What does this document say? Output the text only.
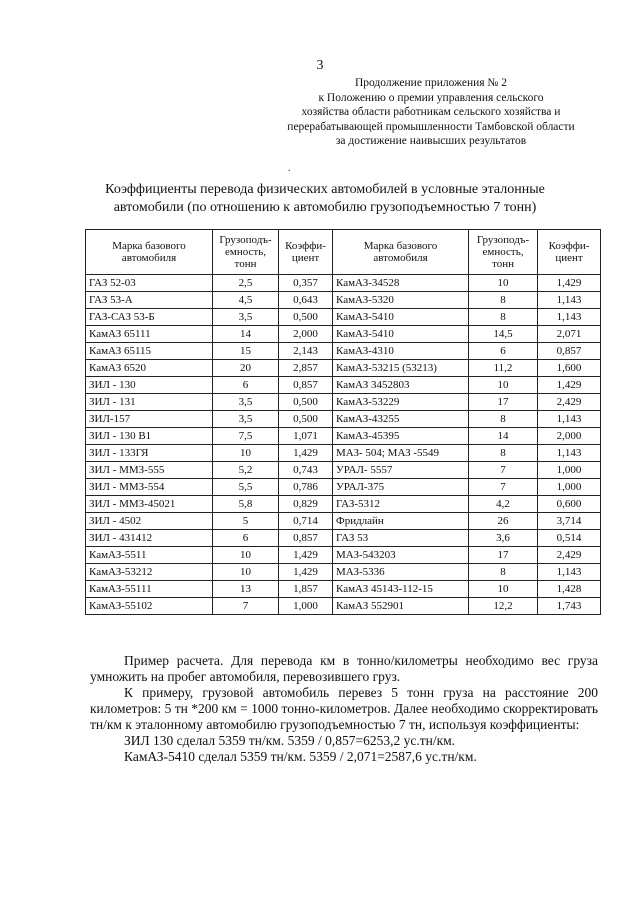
3
Продолжение приложения № 2
к Положению о премии управления сельского
хозяйства области работникам сельского хозяйства и
перерабатывающей промышленности Тамбовской области
за достижение наивысших результатов
.
Коэффициенты перевода физических автомобилей в условные эталонные
автомобили (по отношению к автомобилю грузоподъемностью 7 тонн)
Марка базового автомобиля	Грузоподъ- емность, тонн	Коэффи- циент	Марка базового автомобиля	Грузоподъ- емность, тонн	Коэффи- циент
ГАЗ 52-03	2,5	0,357	КамАЗ-34528	10	1,429
ГАЗ 53-А	4,5	0,643	КамАЗ-5320	8	1,143
ГАЗ-САЗ 53-Б	3,5	0,500	КамАЗ-5410	8	1,143
КамАЗ 65111	14	2,000	КамАЗ-5410	14,5	2,071
КамАЗ 65115	15	2,143	КамАЗ-4310	6	0,857
КамАЗ 6520	20	2,857	КамАЗ-53215 (53213)	11,2	1,600
ЗИЛ - 130	6	0,857	КамАЗ 3452803	10	1,429
ЗИЛ - 131	3,5	0,500	КамАЗ-53229	17	2,429
ЗИЛ-157	3,5	0,500	КамАЗ-43255	8	1,143
ЗИЛ - 130 В1	7,5	1,071	КамАЗ-45395	14	2,000
ЗИЛ - 133ГЯ	10	1,429	МАЗ- 504; МАЗ -5549	8	1,143
ЗИЛ - ММЗ-555	5,2	0,743	УРАЛ- 5557	7	1,000
ЗИЛ - ММЗ-554	5,5	0,786	УРАЛ-375	7	1,000
ЗИЛ - ММЗ-45021	5,8	0,829	ГАЗ-5312	4,2	0,600
ЗИЛ - 4502	5	0,714	Фридлайн	26	3,714
ЗИЛ - 431412	6	0,857	ГАЗ 53	3,6	0,514
КамАЗ-5511	10	1,429	МАЗ-543203	17	2,429
КамАЗ-53212	10	1,429	МАЗ-5336	8	1,143
КамАЗ-55111	13	1,857	КамАЗ 45143-112-15	10	1,428
КамАЗ-55102	7	1,000	КамАЗ 552901	12,2	1,743

Пример расчета. Для перевода км в тонно/километры необходимо вес груза умножить на пробег автомобиля, перевозившего груз.

К примеру, грузовой автомобиль перевез 5 тонн груза на расстояние 200 километров: 5 тн *200 км = 1000 тонно-километров. Далее необходимо скорректировать тн/км к эталонному автомобилю грузоподъемностью 7 тн, используя коэффициенты:

ЗИЛ 130 сделал 5359 тн/км. 5359 / 0,857=6253,2 ус.тн/км.

КамАЗ-5410 сделал 5359 тн/км. 5359 / 2,071=2587,6 ус.тн/км.
